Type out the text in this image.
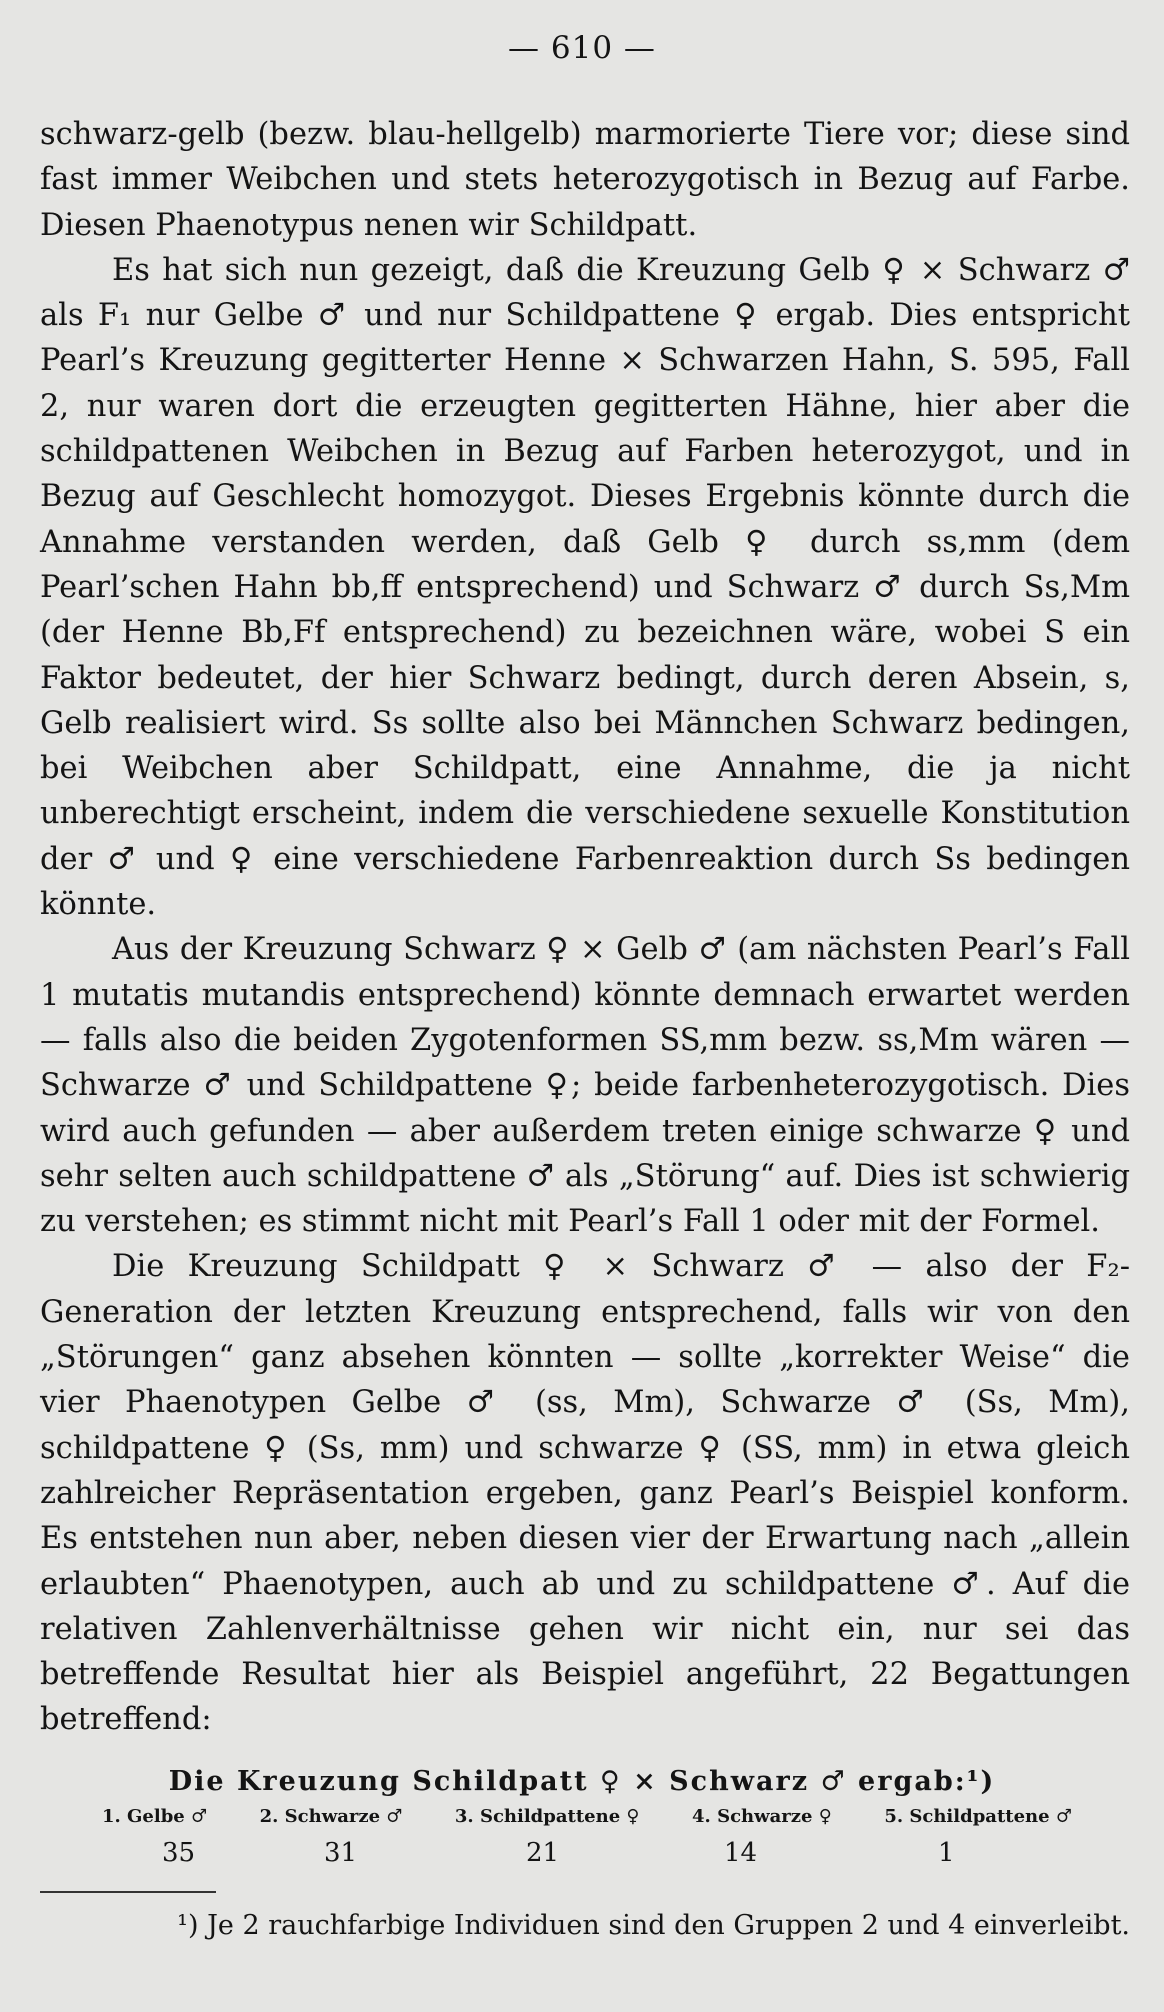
— 610 —

schwarz-gelb (bezw. blau-hellgelb) marmorierte Tiere vor; diese sind fast immer Weibchen und stets heterozygotisch in Bezug auf Farbe. Diesen Phaenotypus nenen wir Schildpatt.

Es hat sich nun gezeigt, daß die Kreuzung Gelb ♀ × Schwarz ♂ als F₁ nur Gelbe ♂ und nur Schildpattene ♀ ergab. Dies entspricht Pearl’s Kreuzung gegitterter Henne × Schwarzen Hahn, S. 595, Fall 2, nur waren dort die erzeugten gegitterten Hähne, hier aber die schildpattenen Weibchen in Bezug auf Farben heterozygot, und in Bezug auf Geschlecht homozygot. Dieses Ergebnis könnte durch die Annahme verstanden werden, daß Gelb ♀ durch ss,mm (dem Pearl’schen Hahn bb,ff entsprechend) und Schwarz ♂ durch Ss,Mm (der Henne Bb,Ff entsprechend) zu bezeichnen wäre, wobei S ein Faktor bedeutet, der hier Schwarz bedingt, durch deren Absein, s, Gelb realisiert wird. Ss sollte also bei Männchen Schwarz bedingen, bei Weibchen aber Schildpatt, eine Annahme, die ja nicht unberechtigt erscheint, indem die verschiedene sexuelle Konstitution der ♂ und ♀ eine verschiedene Farbenreaktion durch Ss bedingen könnte.

Aus der Kreuzung Schwarz ♀ × Gelb ♂ (am nächsten Pearl’s Fall 1 mutatis mutandis entsprechend) könnte demnach erwartet werden — falls also die beiden Zygotenformen SS,mm bezw. ss,Mm wären — Schwarze ♂ und Schildpattene ♀; beide farbenheterozygotisch. Dies wird auch gefunden — aber außerdem treten einige schwarze ♀ und sehr selten auch schildpattene ♂ als „Störung“ auf. Dies ist schwierig zu verstehen; es stimmt nicht mit Pearl’s Fall 1 oder mit der Formel.

Die Kreuzung Schildpatt ♀ × Schwarz ♂ — also der F₂-Generation der letzten Kreuzung entsprechend, falls wir von den „Störungen“ ganz absehen könnten — sollte „korrekter Weise“ die vier Phaenotypen Gelbe ♂ (ss, Mm), Schwarze ♂ (Ss, Mm), schildpattene ♀ (Ss, mm) und schwarze ♀ (SS, mm) in etwa gleich zahlreicher Repräsentation ergeben, ganz Pearl’s Beispiel konform. Es entstehen nun aber, neben diesen vier der Erwartung nach „allein erlaubten“ Phaenotypen, auch ab und zu schildpattene ♂. Auf die relativen Zahlenverhältnisse gehen wir nicht ein, nur sei das betreffende Resultat hier als Beispiel angeführt, 22 Begattungen betreffend:

Die Kreuzung Schildpatt ♀ × Schwarz ♂ ergab:¹)
1. Gelbe ♂	2. Schwarze ♂	3. Schildpattene ♀	4. Schwarze ♀	5. Schildpattene ♂
35	31	21	14	1
¹) Je 2 rauchfarbige Individuen sind den Gruppen 2 und 4 einverleibt.
